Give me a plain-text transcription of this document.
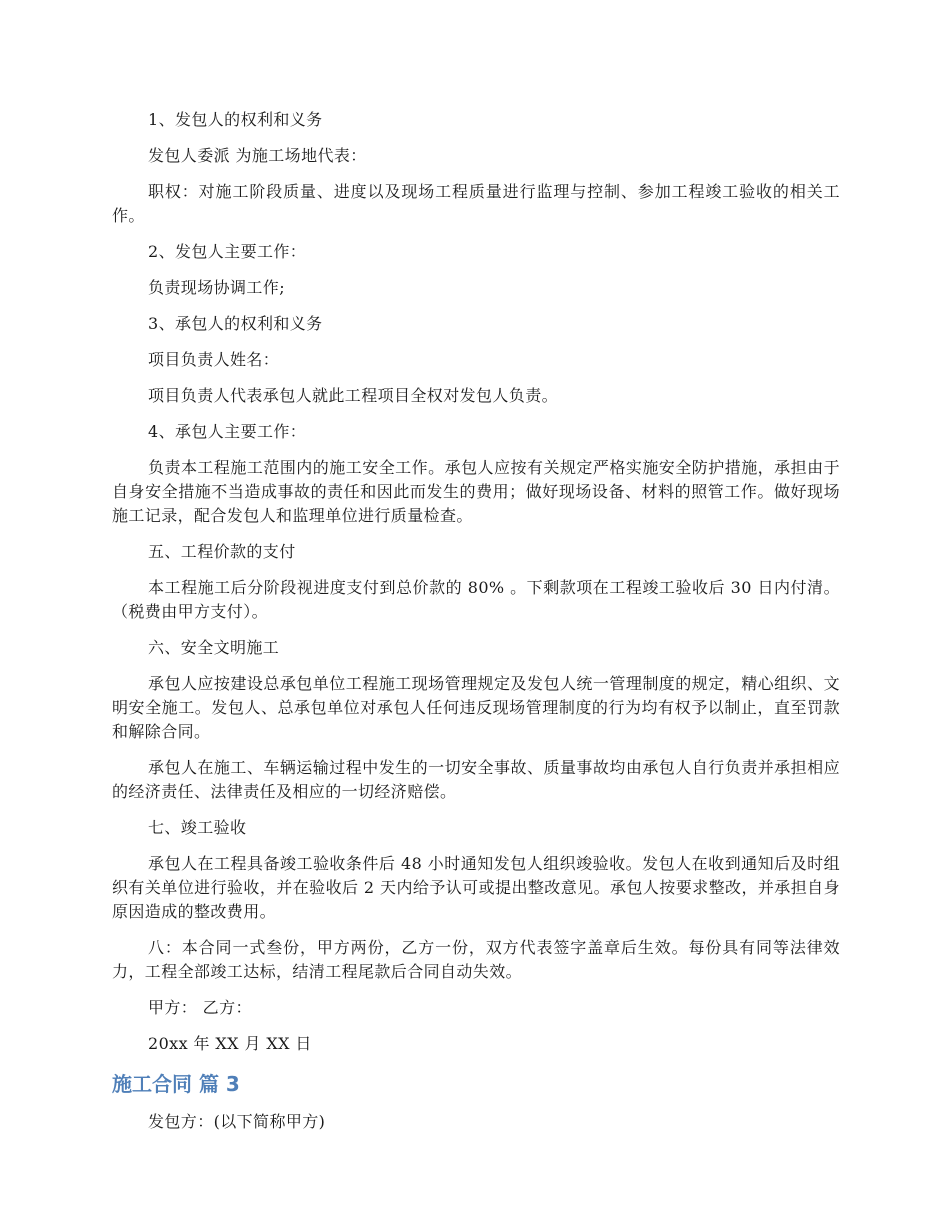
1、发包人的权利和义务

发包人委派 为施工场地代表：

职权：对施工阶段质量、进度以及现场工程质量进行监理与控制、参加工程竣工验收的相关工作。

2、发包人主要工作：

负责现场协调工作;

3、承包人的权利和义务

项目负责人姓名：

项目负责人代表承包人就此工程项目全权对发包人负责。

4、承包人主要工作：

负责本工程施工范围内的施工安全工作。承包人应按有关规定严格实施安全防护措施，承担由于自身安全措施不当造成事故的责任和因此而发生的费用；做好现场设备、材料的照管工作。做好现场施工记录，配合发包人和监理单位进行质量检查。

五、工程价款的支付

本工程施工后分阶段视进度支付到总价款的 80% 。下剩款项在工程竣工验收后 30 日内付清。（税费由甲方支付）。

六、安全文明施工

承包人应按建设总承包单位工程施工现场管理规定及发包人统一管理制度的规定，精心组织、文明安全施工。发包人、总承包单位对承包人任何违反现场管理制度的行为均有权予以制止，直至罚款和解除合同。

承包人在施工、车辆运输过程中发生的一切安全事故、质量事故均由承包人自行负责并承担相应的经济责任、法律责任及相应的一切经济赔偿。

七、竣工验收

承包人在工程具备竣工验收条件后 48 小时通知发包人组织竣验收。发包人在收到通知后及时组织有关单位进行验收，并在验收后 2 天内给予认可或提出整改意见。承包人按要求整改，并承担自身原因造成的整改费用。

八：本合同一式叁份，甲方两份，乙方一份，双方代表签字盖章后生效。每份具有同等法律效力，工程全部竣工达标，结清工程尾款后合同自动失效。

甲方： 乙方：

20xx 年 XX 月 XX 日

施工合同 篇 3

发包方：(以下简称甲方)
